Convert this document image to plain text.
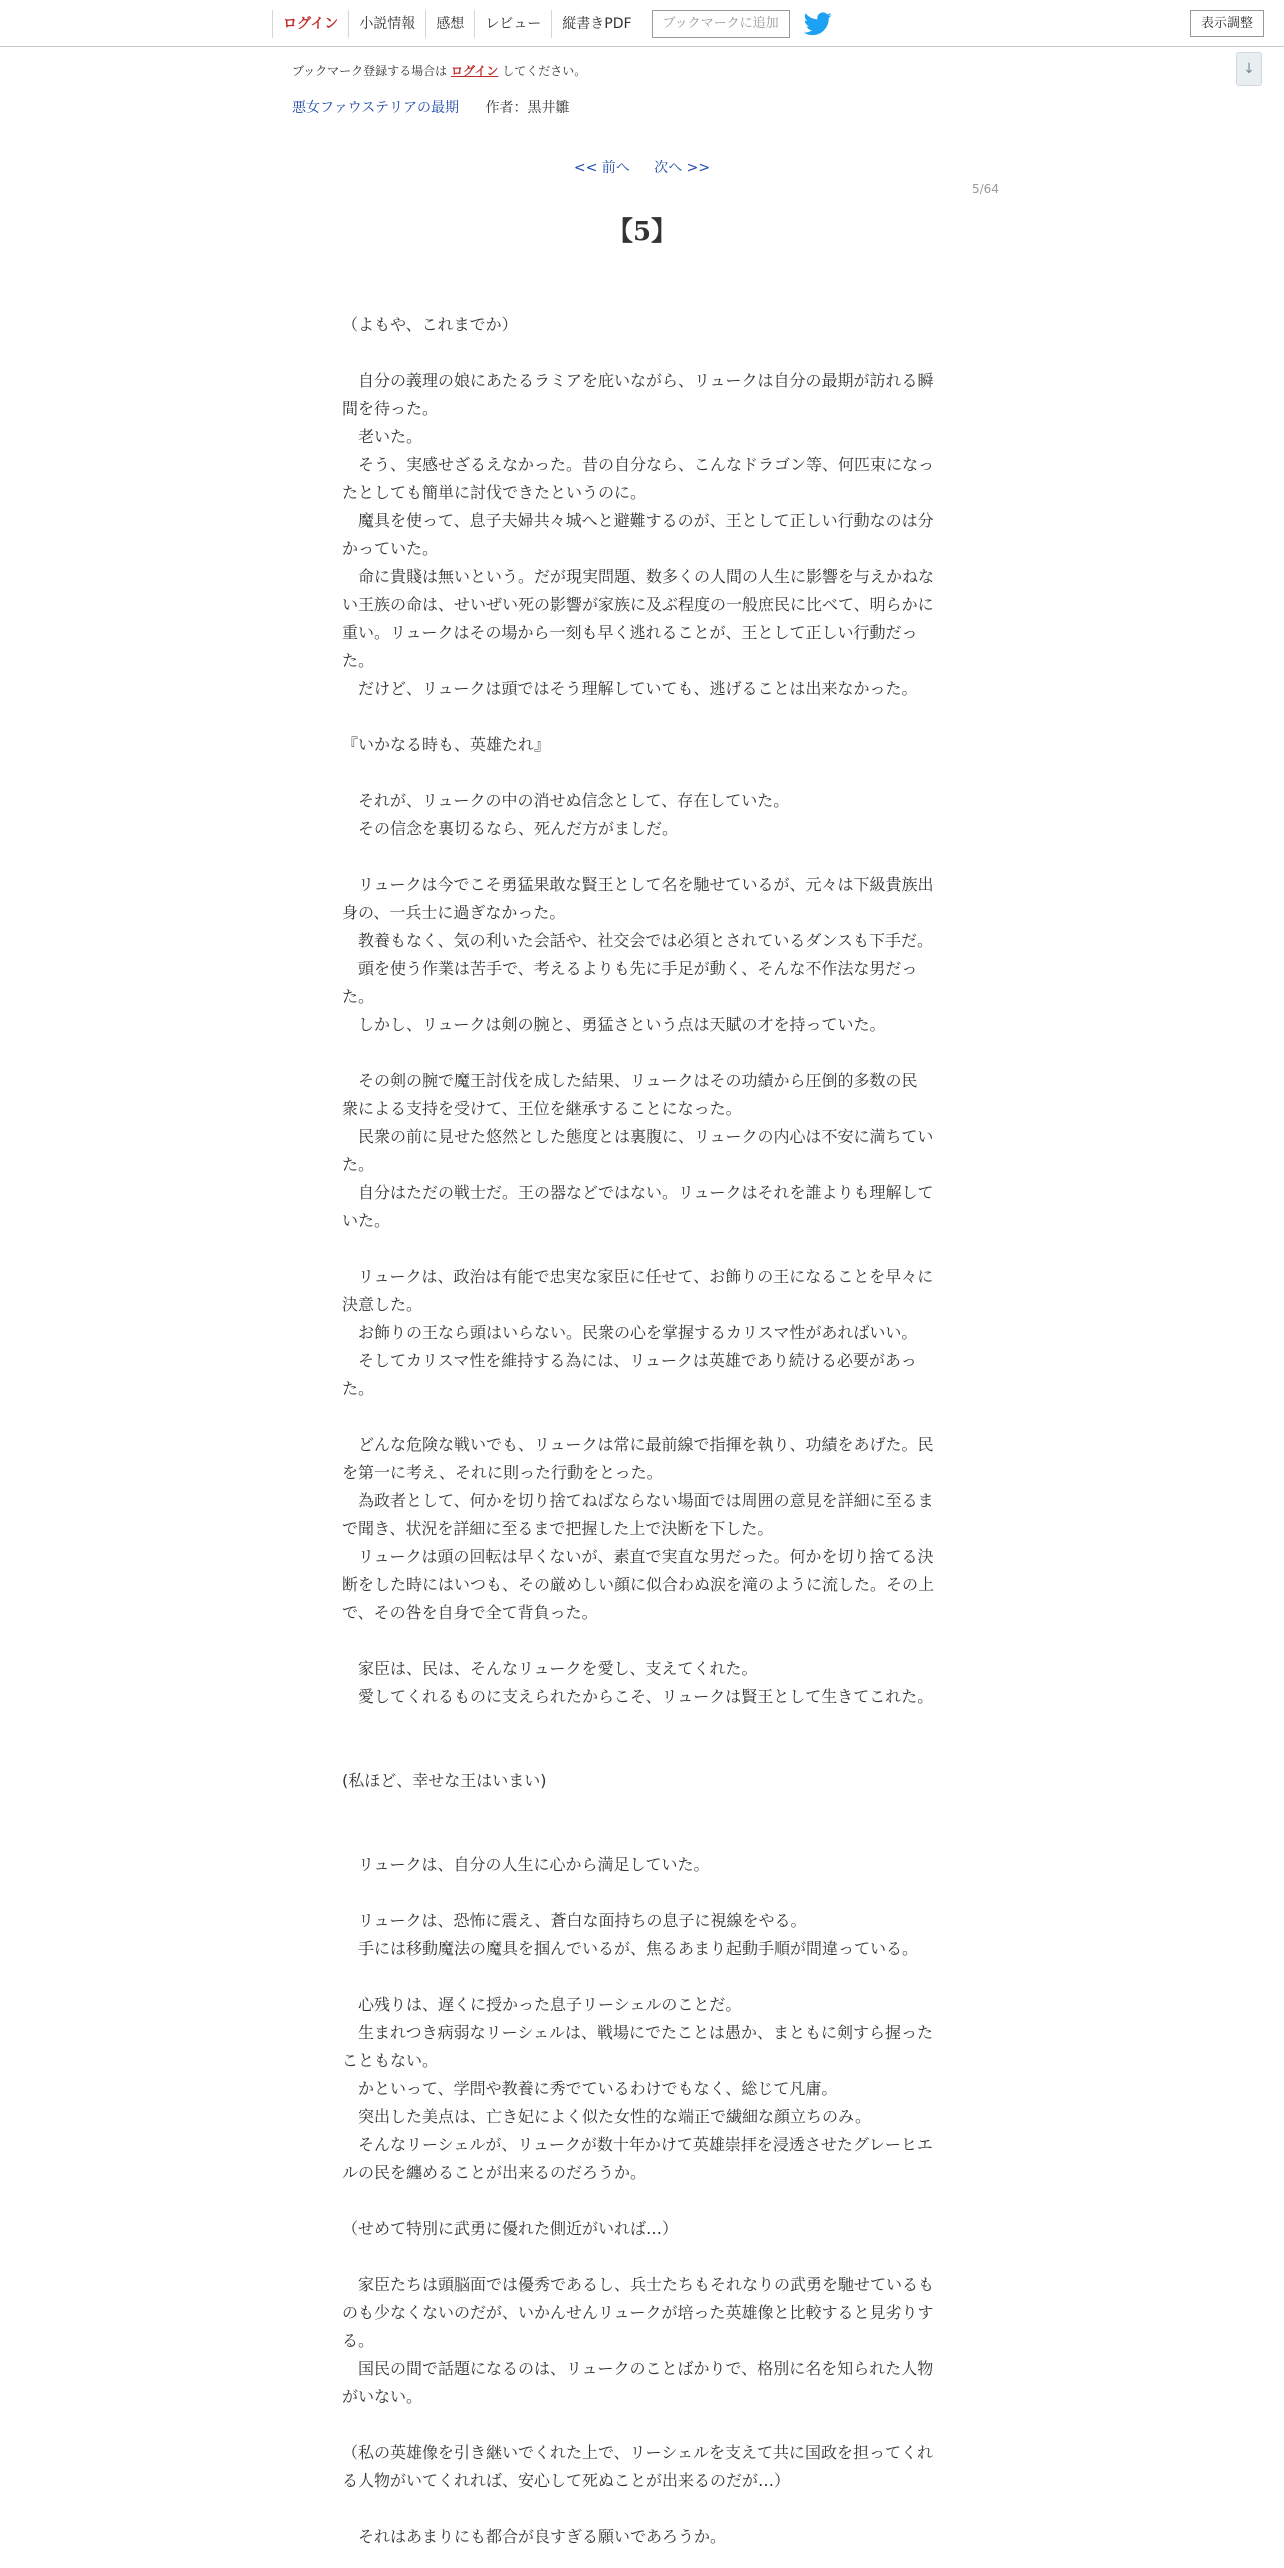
ログイン	小説情報	感想	レビュー	縦書きPDF	ブックマークに追加	表示調整
↓
ブックマーク登録する場合は ログイン してください。
悪女ファウステリアの最期 作者：黒井雛
<< 前へ 次へ >>
5/64
【5】

（よもや、これまでか）

　自分の義理の娘にあたるラミアを庇いながら、リュークは自分の最期が訪れる瞬

間を待った。

　老いた。

　そう、実感せざるえなかった。昔の自分なら、こんなドラゴン等、何匹束になっ

たとしても簡単に討伐できたというのに。

　魔具を使って、息子夫婦共々城へと避難するのが、王として正しい行動なのは分

かっていた。

　命に貴賤は無いという。だが現実問題、数多くの人間の人生に影響を与えかねな

い王族の命は、せいぜい死の影響が家族に及ぶ程度の一般庶民に比べて、明らかに

重い。リュークはその場から一刻も早く逃れることが、王として正しい行動だっ

た。

　だけど、リュークは頭ではそう理解していても、逃げることは出来なかった。

『いかなる時も、英雄たれ』

　それが、リュークの中の消せぬ信念として、存在していた。

　その信念を裏切るなら、死んだ方がましだ。

　リュークは今でこそ勇猛果敢な賢王として名を馳せているが、元々は下級貴族出

身の、一兵士に過ぎなかった。

　教養もなく、気の利いた会話や、社交会では必須とされているダンスも下手だ。

　頭を使う作業は苦手で、考えるよりも先に手足が動く、そんな不作法な男だっ

た。

　しかし、リュークは剣の腕と、勇猛さという点は天賦の才を持っていた。

　その剣の腕で魔王討伐を成した結果、リュークはその功績から圧倒的多数の民

衆による支持を受けて、王位を継承することになった。

　民衆の前に見せた悠然とした態度とは裏腹に、リュークの内心は不安に満ちてい

た。

　自分はただの戦士だ。王の器などではない。リュークはそれを誰よりも理解して

いた。

　リュークは、政治は有能で忠実な家臣に任せて、お飾りの王になることを早々に

決意した。

　お飾りの王なら頭はいらない。民衆の心を掌握するカリスマ性があればいい。

　そしてカリスマ性を維持する為には、リュークは英雄であり続ける必要があっ

た。

　どんな危険な戦いでも、リュークは常に最前線で指揮を執り、功績をあげた。民

を第一に考え、それに則った行動をとった。

　為政者として、何かを切り捨てねばならない場面では周囲の意見を詳細に至るま

で聞き、状況を詳細に至るまで把握した上で決断を下した。

　リュークは頭の回転は早くないが、素直で実直な男だった。何かを切り捨てる決

断をした時にはいつも、その厳めしい顔に似合わぬ涙を滝のように流した。その上

で、その咎を自身で全て背負った。

　家臣は、民は、そんなリュークを愛し、支えてくれた。

　愛してくれるものに支えられたからこそ、リュークは賢王として生きてこれた。

(私ほど、幸せな王はいまい)

　リュークは、自分の人生に心から満足していた。

　リュークは、恐怖に震え、蒼白な面持ちの息子に視線をやる。

　手には移動魔法の魔具を掴んでいるが、焦るあまり起動手順が間違っている。

　心残りは、遅くに授かった息子リーシェルのことだ。

　生まれつき病弱なリーシェルは、戦場にでたことは愚か、まともに剣すら握った

こともない。

　かといって、学問や教養に秀でているわけでもなく、総じて凡庸。

　突出した美点は、亡き妃によく似た女性的な端正で繊細な顔立ちのみ。

　そんなリーシェルが、リュークが数十年かけて英雄崇拝を浸透させたグレーヒエ

ルの民を纏めることが出来るのだろうか。

（せめて特別に武勇に優れた側近がいれば…）

　家臣たちは頭脳面では優秀であるし、兵士たちもそれなりの武勇を馳せているも

のも少なくないのだが、いかんせんリュークが培った英雄像と比較すると見劣りす

る。

　国民の間で話題になるのは、リュークのことばかりで、格別に名を知られた人物

がいない。

（私の英雄像を引き継いでくれた上で、リーシェルを支えて共に国政を担ってくれ

る人物がいてくれれば、安心して死ぬことが出来るのだが…）

　それはあまりにも都合が良すぎる願いであろうか。
